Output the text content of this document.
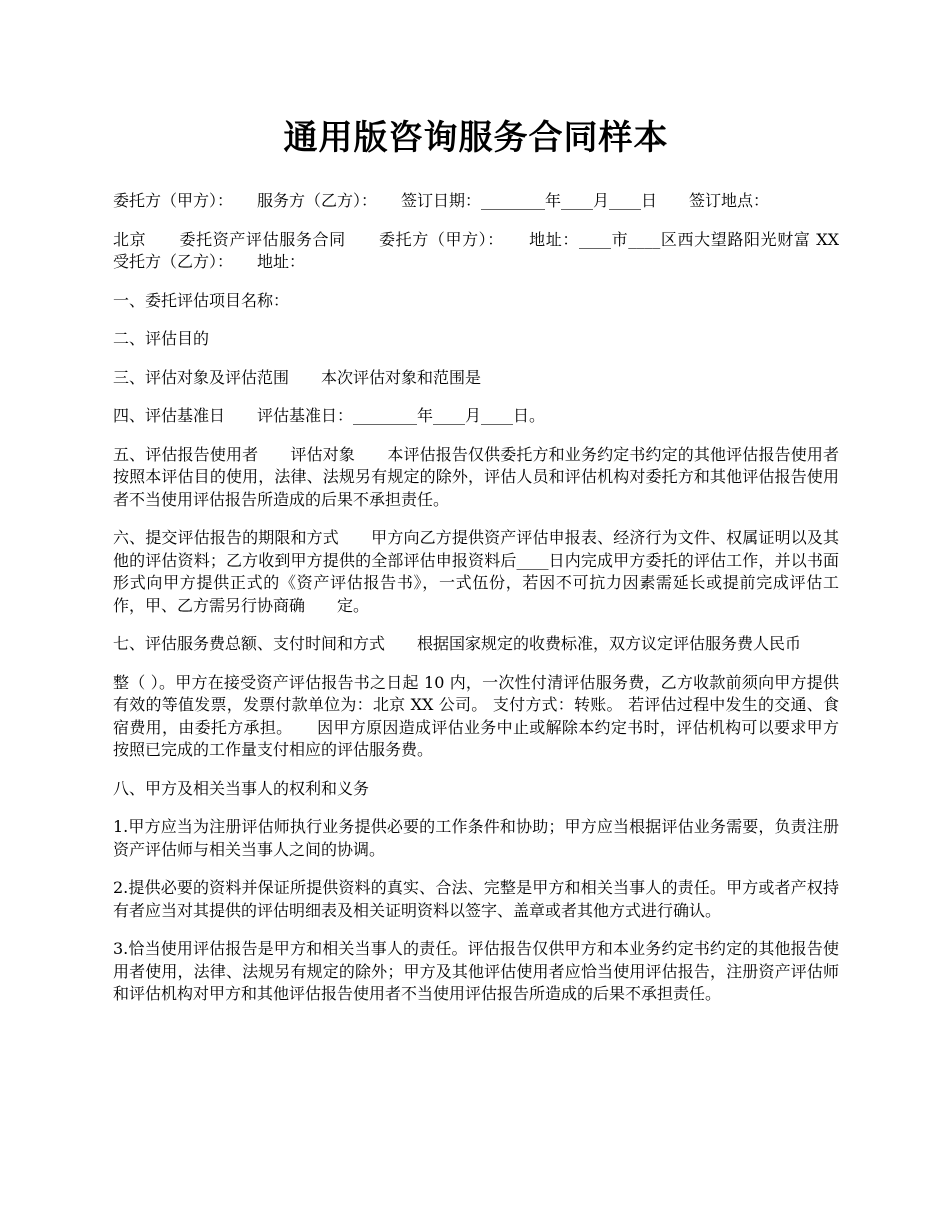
通用版咨询服务合同样本

委托方（甲方）：　　服务方（乙方）：　　签订日期：________年____月____日　　签订地点：

北京　　委托资产评估服务合同　　委托方（甲方）：　　地址：____市____区西大望路阳光财富 XX　　受托方（乙方）：　　地址：

一、委托评估项目名称：

二、评估目的

三、评估对象及评估范围　　本次评估对象和范围是

四、评估基准日　　评估基准日：________年____月____日。

五、评估报告使用者　　评估对象　　本评估报告仅供委托方和业务约定书约定的其他评估报告使用者按照本评估目的使用，法律、法规另有规定的除外，评估人员和评估机构对委托方和其他评估报告使用者不当使用评估报告所造成的后果不承担责任。

六、提交评估报告的期限和方式　　甲方向乙方提供资产评估申报表、经济行为文件、权属证明以及其他的评估资料；乙方收到甲方提供的全部评估申报资料后____日内完成甲方委托的评估工作，并以书面形式向甲方提供正式的《资产评估报告书》，一式伍份，若因不可抗力因素需延长或提前完成评估工作，甲、乙方需另行协商确　　定。

七、评估服务费总额、支付时间和方式　　根据国家规定的收费标准，双方议定评估服务费人民币

整（ ）。甲方在接受资产评估报告书之日起 10 内，一次性付清评估服务费，乙方收款前须向甲方提供有效的等值发票，发票付款单位为：北京 XX 公司。 支付方式：转账。 若评估过程中发生的交通、食宿费用，由委托方承担。　　因甲方原因造成评估业务中止或解除本约定书时，评估机构可以要求甲方按照已完成的工作量支付相应的评估服务费。

八、甲方及相关当事人的权利和义务

1.甲方应当为注册评估师执行业务提供必要的工作条件和协助；甲方应当根据评估业务需要，负责注册资产评估师与相关当事人之间的协调。

2.提供必要的资料并保证所提供资料的真实、合法、完整是甲方和相关当事人的责任。甲方或者产权持有者应当对其提供的评估明细表及相关证明资料以签字、盖章或者其他方式进行确认。

3.恰当使用评估报告是甲方和相关当事人的责任。评估报告仅供甲方和本业务约定书约定的其他报告使用者使用，法律、法规另有规定的除外；甲方及其他评估使用者应恰当使用评估报告，注册资产评估师和评估机构对甲方和其他评估报告使用者不当使用评估报告所造成的后果不承担责任。
